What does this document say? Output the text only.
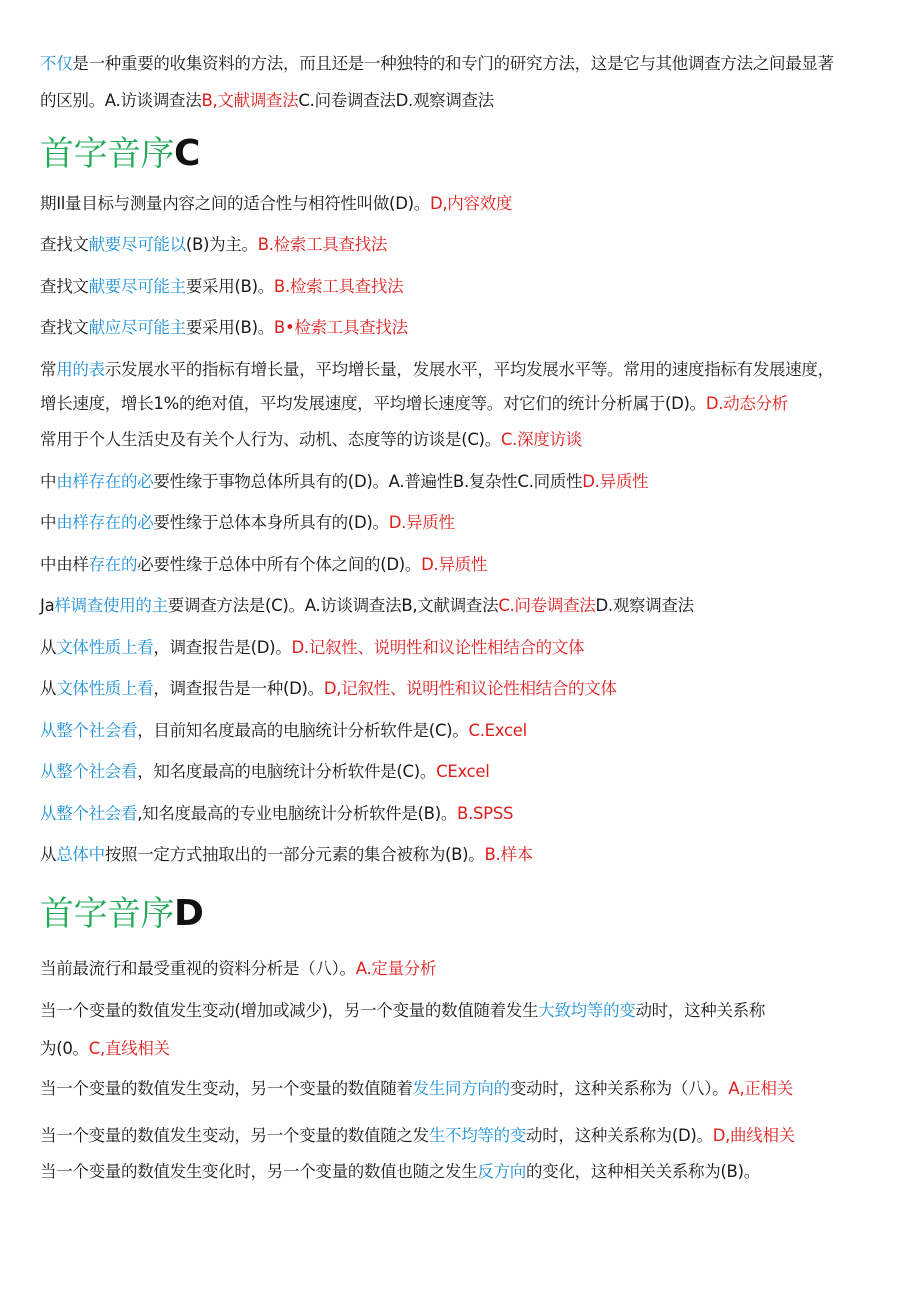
不仅是一种重要的收集资料的方法，而且还是一种独特的和专门的研究方法，这是它与其他调查方法之间最显著
的区别。A.访谈调查法B,文献调查法C.问卷调查法D.观察调查法
首字音序C
期Il量目标与测量内容之间的适合性与相符性叫做(D)。D,内容效度
查找文献要尽可能以(B)为主。B.检索工具查找法
查找文献要尽可能主要采用(B)。B.检索工具查找法
查找文献应尽可能主要采用(B)。B•检索工具查找法
常用的表示发展水平的指标有增长量，平均增长量，发展水平，平均发展水平等。常用的速度指标有发展速度，
增长速度，增长1%的绝对值，平均发展速度，平均增长速度等。对它们的统计分析属于(D)。D.动态分析
常用于个人生活史及有关个人行为、动机、态度等的访谈是(C)。C.深度访谈
中由样存在的必要性缘于事物总体所具有的(D)。A.普遍性B.复杂性C.同质性D.异质性
中由样存在的必要性缘于总体本身所具有的(D)。D.异质性
中由样存在的必要性缘于总体中所有个体之间的(D)。D.异质性
Ja样调查使用的主要调查方法是(C)。A.访谈调查法B,文献调查法C.问卷调查法D.观察调查法
从文体性质上看，调查报告是(D)。D.记叙性、说明性和议论性相结合的文体
从文体性质上看，调查报告是一种(D)。D,记叙性、说明性和议论性相结合的文体
从整个社会看，目前知名度最高的电脑统计分析软件是(C)。C.Excel
从整个社会看，知名度最高的电脑统计分析软件是(C)。CExcel
从整个社会看,知名度最高的专业电脑统计分析软件是(B)。B.SPSS
从总体中按照一定方式抽取出的一部分元素的集合被称为(B)。B.样本
首字音序D
当前最流行和最受重视的资料分析是（八）。A.定量分析
当一个变量的数值发生变动(增加或减少)，另一个变量的数值随着发生大致均等的变动时，这种关系称
为(0。C,直线相关
当一个变量的数值发生变动，另一个变量的数值随着发生同方向的变动时，这种关系称为（八）。A,正相关
当一个变量的数值发生变动，另一个变量的数值随之发生不均等的变动时，这种关系称为(D)。D,曲线相关
当一个变量的数值发生变化时，另一个变量的数值也随之发生反方向的变化，这种相关关系称为(B)。
